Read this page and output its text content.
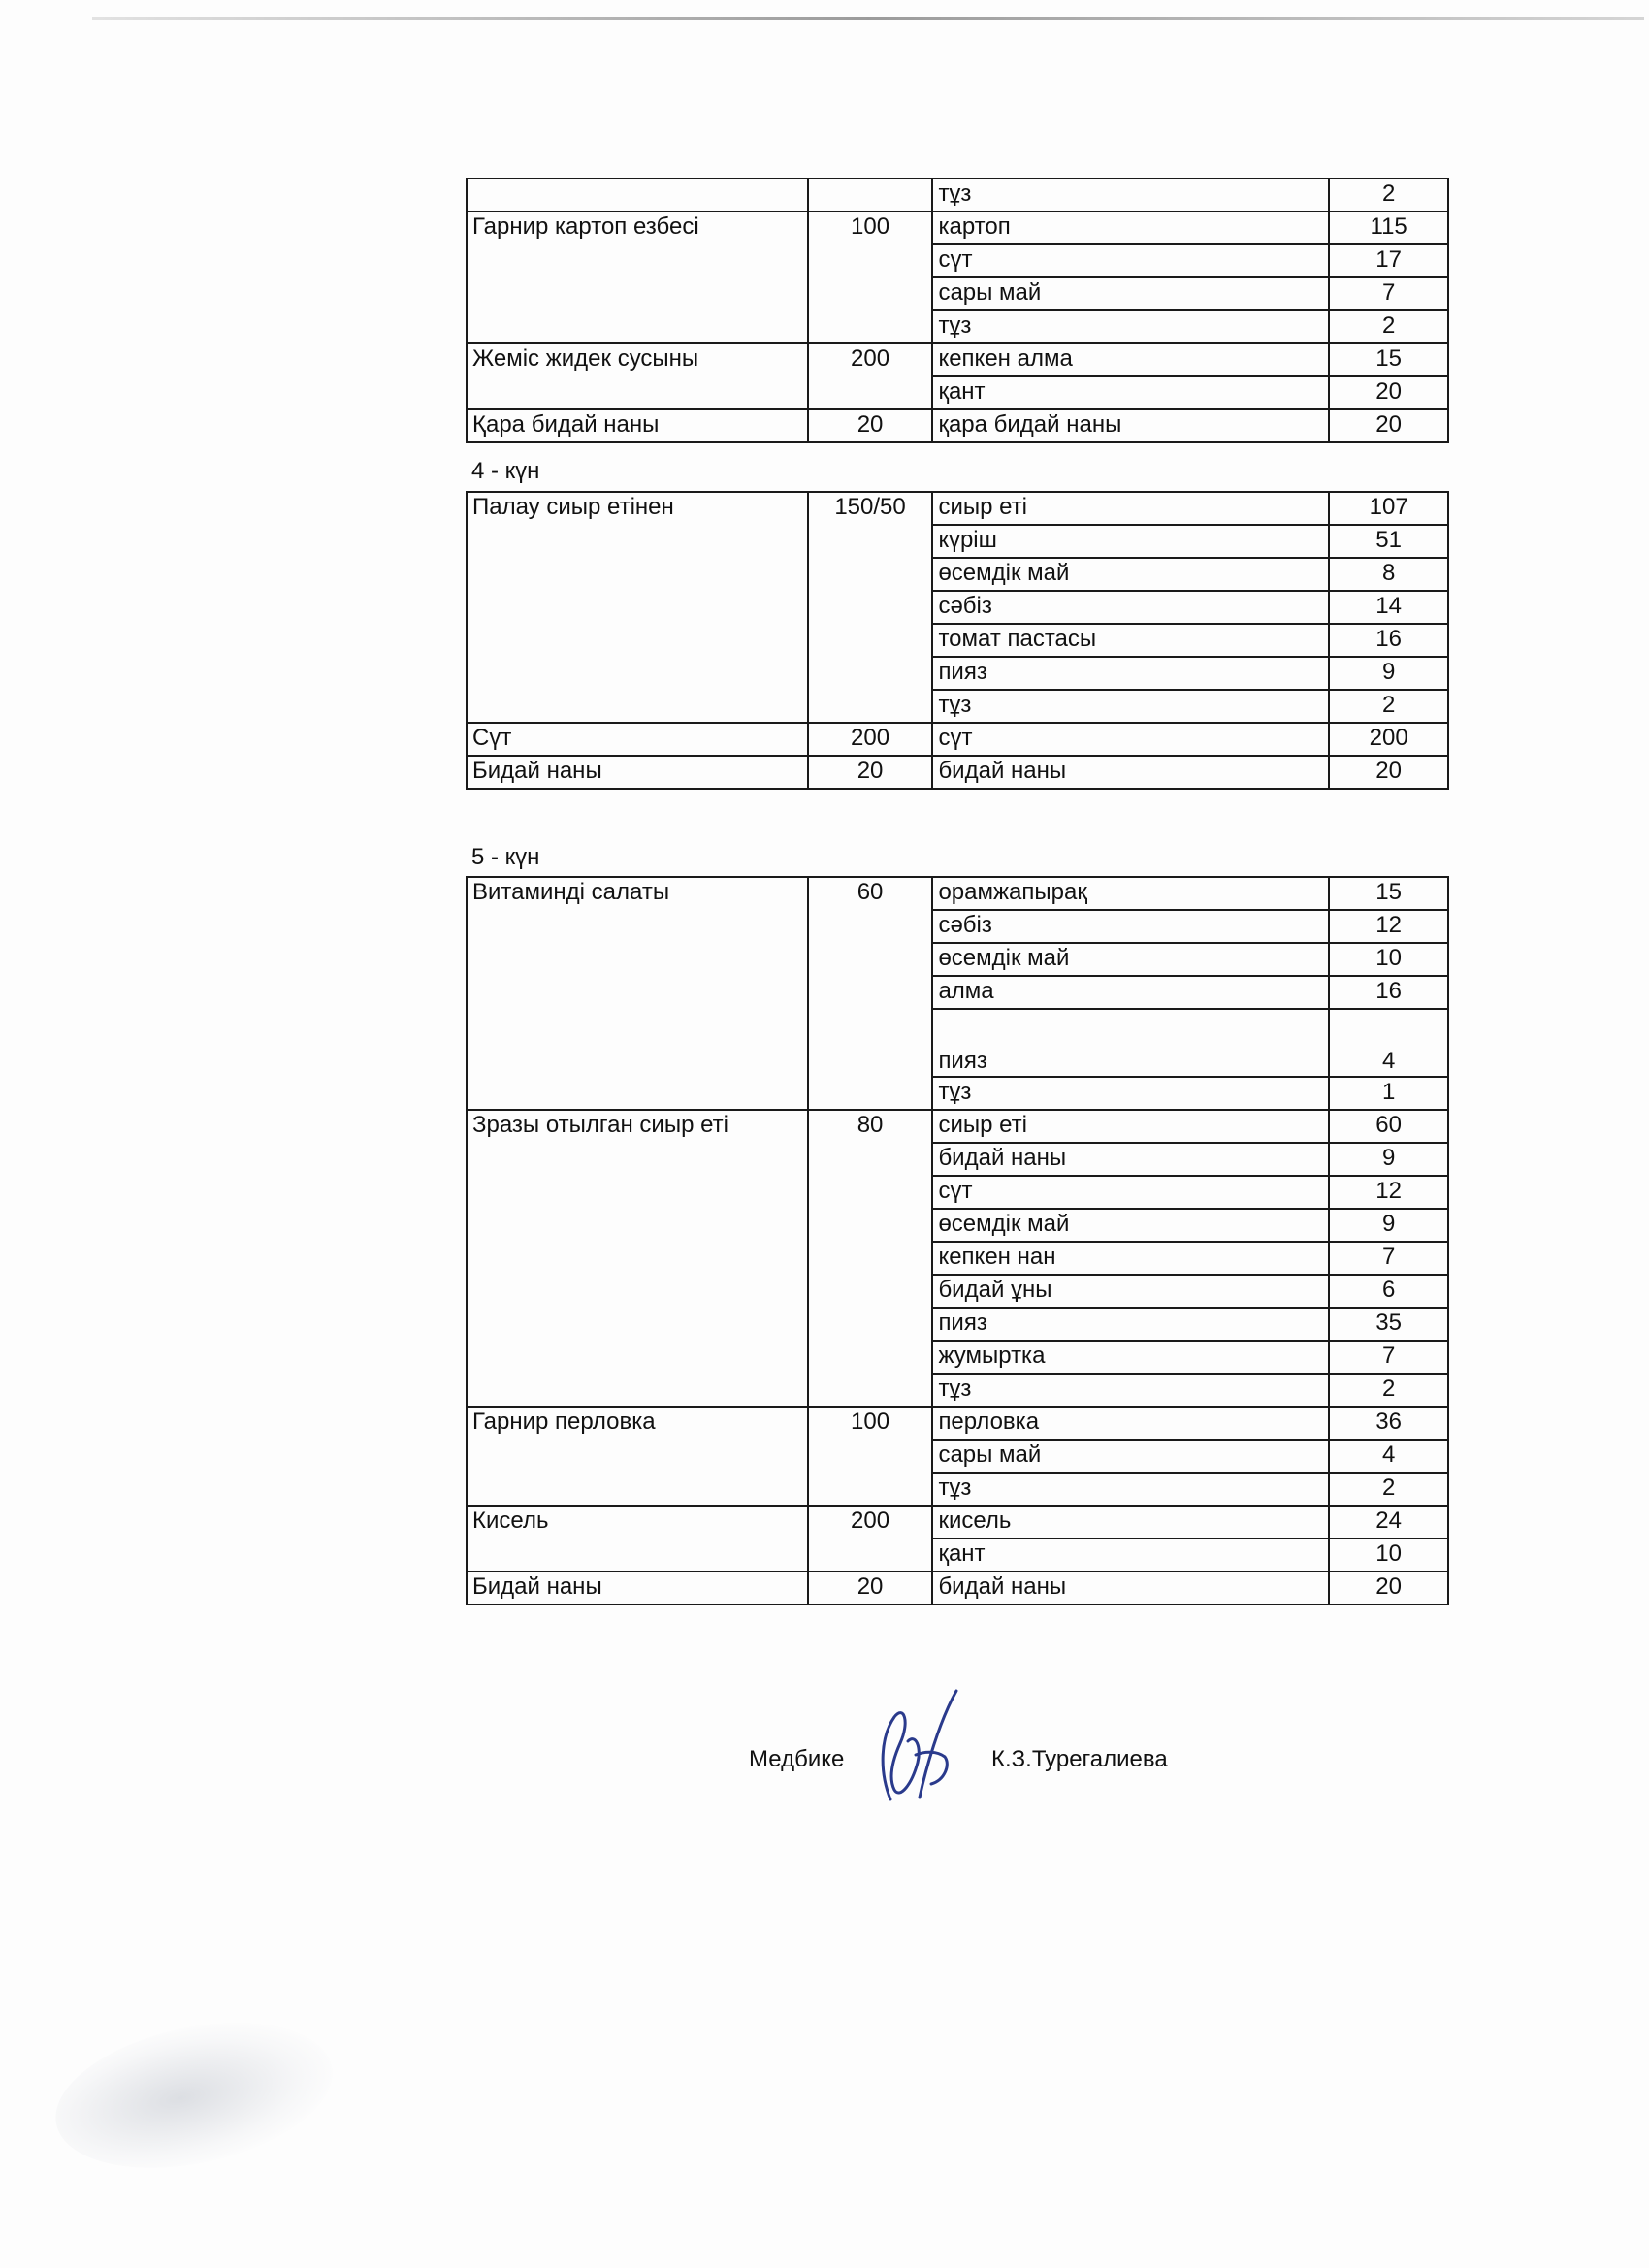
		тұз	2
Гарнир картоп езбесі	100	картоп	115
		сүт	17
		сары май	7
		тұз	2
Жеміс жидек сусыны	200	кепкен алма	15
		қант	20
Қара бидай наны	20	қара бидай наны	20
4 - күн
Палау сиыр етінен	150/50	сиыр еті	107
		күріш	51
		өсемдік май	8
		сәбіз	14
		томат пастасы	16
		пияз	9
		тұз	2
Сүт	200	сүт	200
Бидай наны	20	бидай наны	20
5 - күн
Витаминді салаты	60	орамжапырақ	15
		сәбіз	12
		өсемдік май	10
		алма	16
		пияз	4
		тұз	1
Зразы отылган сиыр еті	80	сиыр еті	60
		бидай наны	9
		сүт	12
		өсемдік май	9
		кепкен нан	7
		бидай ұны	6
		пияз	35
		жумыртка	7
		тұз	2
Гарнир перловка	100	перловка	36
		сары май	4
		тұз	2
Кисель	200	кисель	24
		қант	10
Бидай наны	20	бидай наны	20
Медбике	К.З.Турегалиева
